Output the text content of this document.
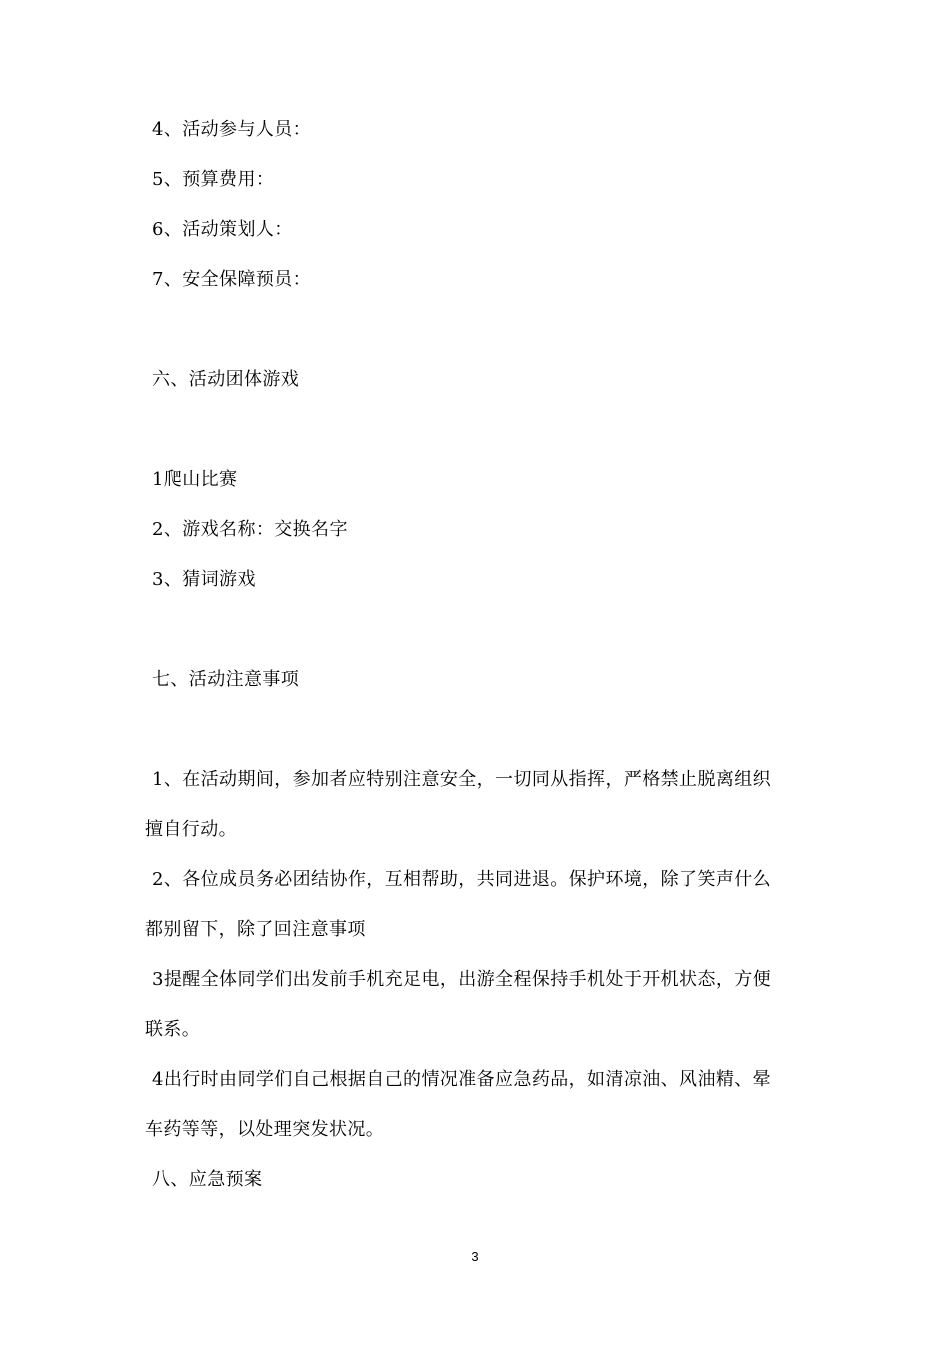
4、活动参与人员：
5、预算费用：
6、活动策划人：
7、安全保障预员：
六、活动团体游戏
1爬山比赛
2、游戏名称：交换名字
3、猜词游戏
七、活动注意事项
1、在活动期间，参加者应特别注意安全，一切同从指挥，严格禁止脱离组织
擅自行动。
2、各位成员务必团结协作，互相帮助，共同进退。保护环境，除了笑声什么
都别留下，除了回注意事项
3提醒全体同学们出发前手机充足电，出游全程保持手机处于开机状态，方便
联系。
4出行时由同学们自己根据自己的情况准备应急药品，如清凉油、风油精、晕
车药等等，以处理突发状况。
八、应急预案
3
